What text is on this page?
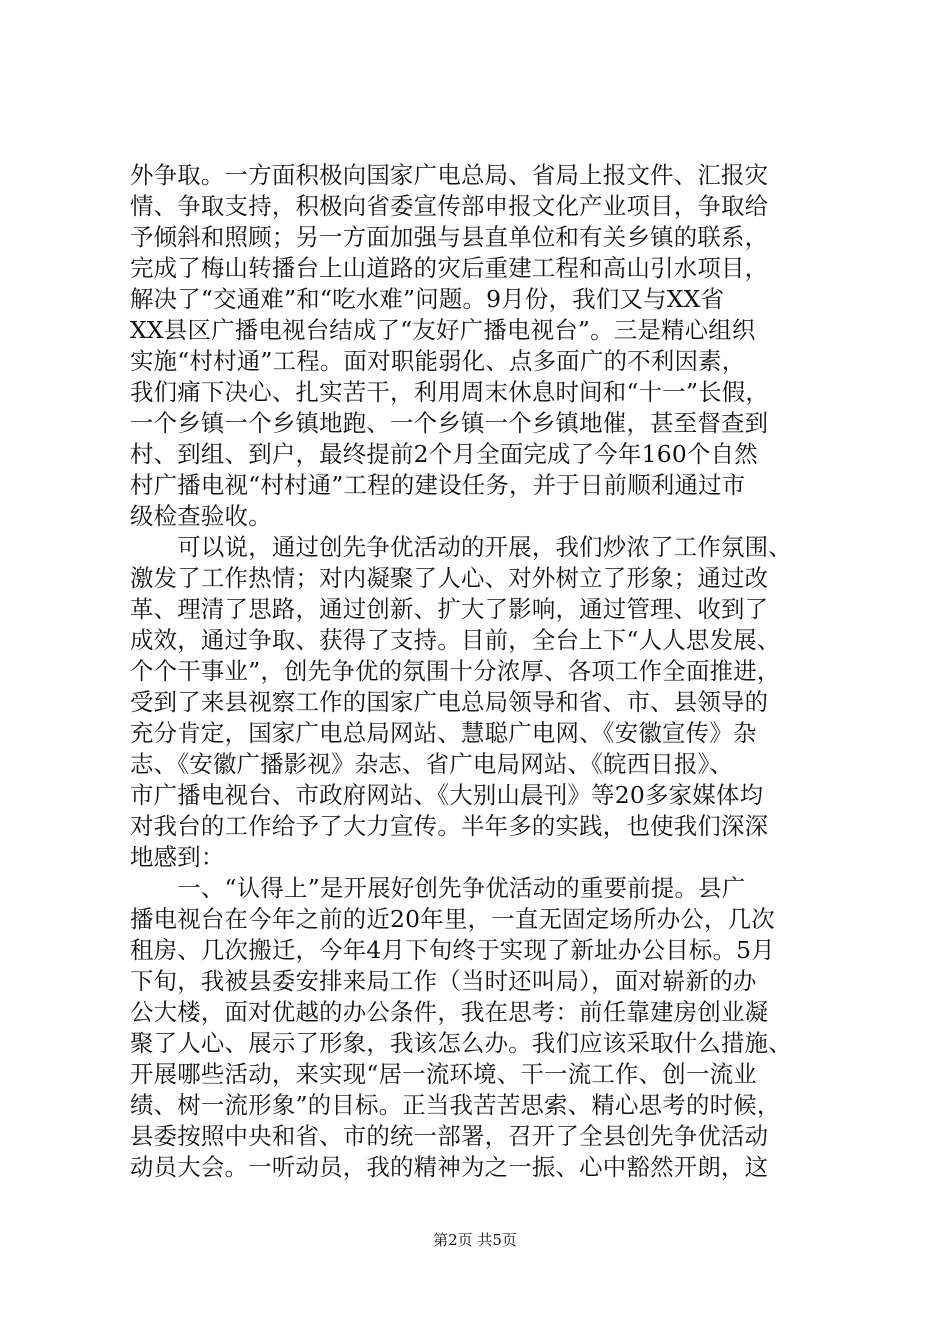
外争取。一方面积极向国家广电总局、省局上报文件、汇报灾
情、争取支持，积极向省委宣传部申报文化产业项目，争取给
予倾斜和照顾；另一方面加强与县直单位和有关乡镇的联系，
完成了梅山转播台上山道路的灾后重建工程和高山引水项目，
解决了“交通难”和“吃水难”问题。9月份，我们又与XX省
XX县区广播电视台结成了“友好广播电视台”。三是精心组织
实施“村村通”工程。面对职能弱化、点多面广的不利因素，
我们痛下决心、扎实苦干，利用周末休息时间和“十一”长假，
一个乡镇一个乡镇地跑、一个乡镇一个乡镇地催，甚至督查到
村、到组、到户，最终提前2个月全面完成了今年160个自然
村广播电视“村村通”工程的建设任务，并于日前顺利通过市
级检查验收。
　　可以说，通过创先争优活动的开展，我们炒浓了工作氛围、
激发了工作热情；对内凝聚了人心、对外树立了形象；通过改
革、理清了思路，通过创新、扩大了影响，通过管理、收到了
成效，通过争取、获得了支持。目前，全台上下“人人思发展、
个个干事业”，创先争优的氛围十分浓厚、各项工作全面推进，
受到了来县视察工作的国家广电总局领导和省、市、县领导的
充分肯定，国家广电总局网站、慧聪广电网、《安徽宣传》杂
志、《安徽广播影视》杂志、省广电局网站、《皖西日报》、
市广播电视台、市政府网站、《大别山晨刊》等20多家媒体均
对我台的工作给予了大力宣传。半年多的实践，也使我们深深
地感到：
　　一、“认得上”是开展好创先争优活动的重要前提。县广
播电视台在今年之前的近20年里，一直无固定场所办公，几次
租房、几次搬迁，今年4月下旬终于实现了新址办公目标。5月
下旬，我被县委安排来局工作（当时还叫局），面对崭新的办
公大楼，面对优越的办公条件，我在思考：前任靠建房创业凝
聚了人心、展示了形象，我该怎么办。我们应该采取什么措施、
开展哪些活动，来实现“居一流环境、干一流工作、创一流业
绩、树一流形象”的目标。正当我苦苦思索、精心思考的时候，
县委按照中央和省、市的统一部署，召开了全县创先争优活动
动员大会。一听动员，我的精神为之一振、心中豁然开朗，这
第2页 共5页
